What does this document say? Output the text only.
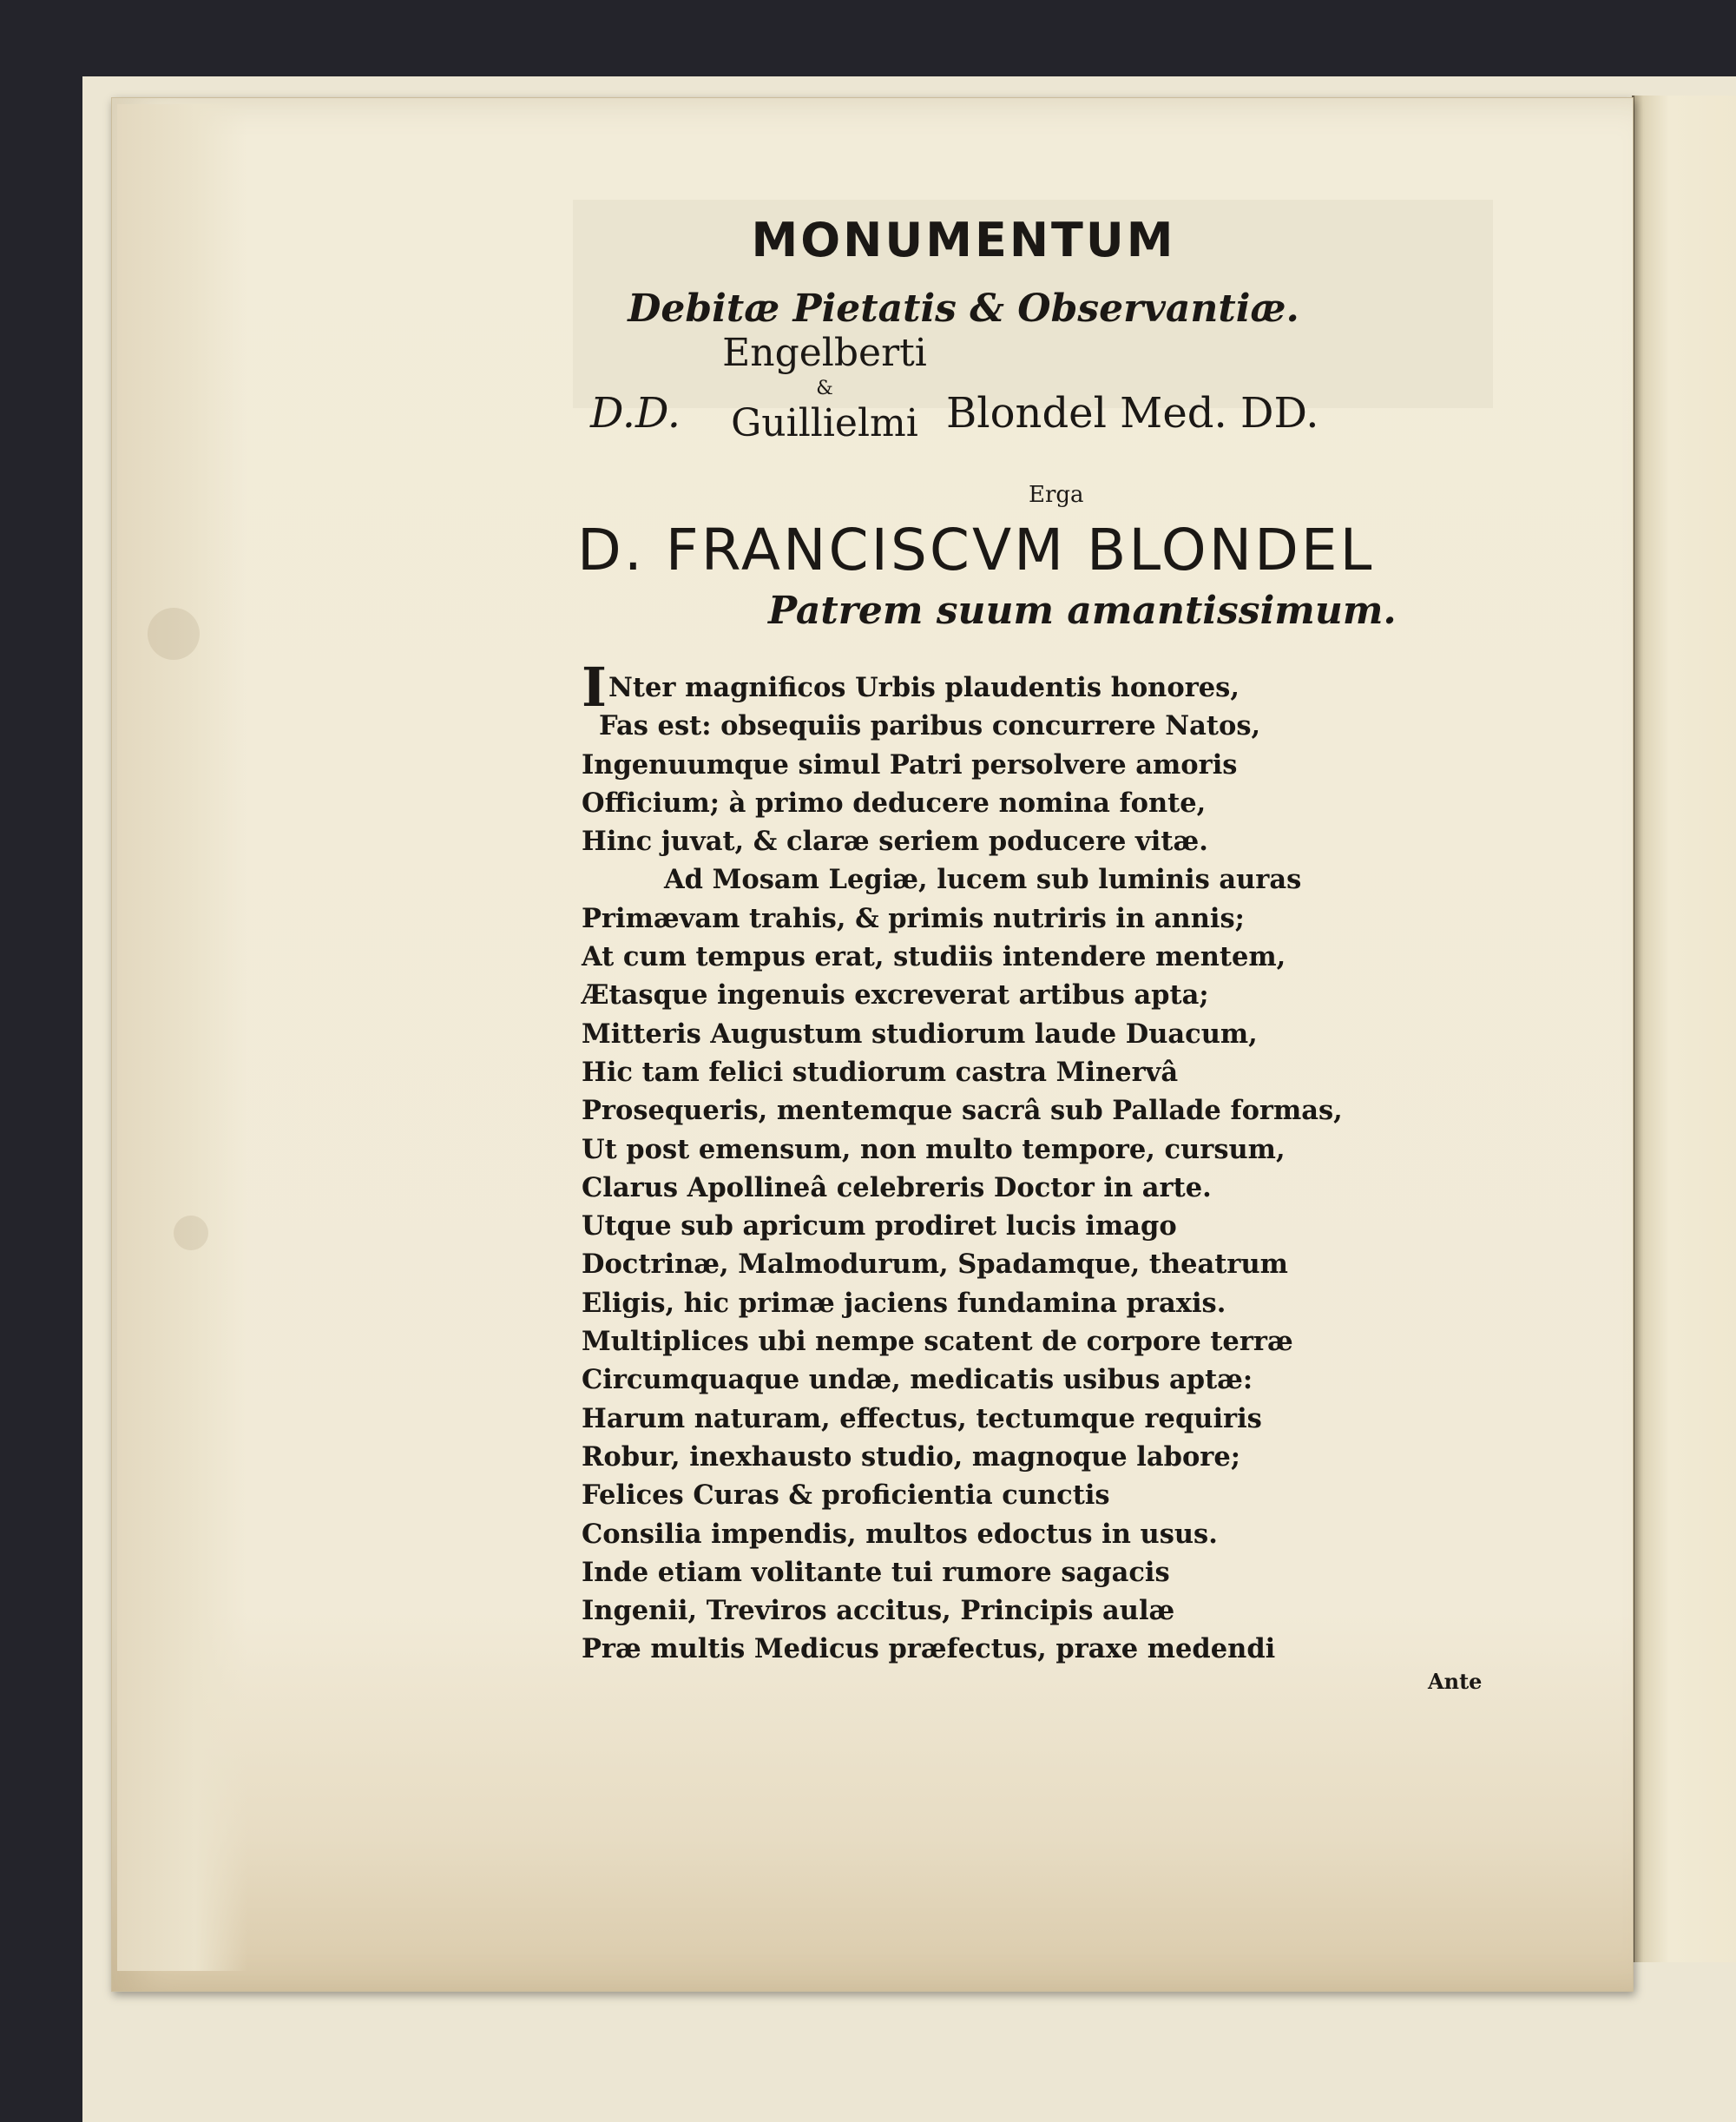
MONUMENTUM
Debitæ Pietatis & Observantiæ.
D.D.
Engelberti
&
Guillielmi Blondel Med. DD.
Erga
D. FRANCISCVM BLONDEL
Patrem suum amantissimum.
I Nter magnificos Urbis plaudentis honores,
Fas est: obsequiis paribus concurrere Natos,
Ingenuumque simul Patri persolvere amoris
Officium; à primo deducere nomina fonte,
Hinc juvat, & claræ seriem poducere vitæ.
Ad Mosam Legiæ, lucem sub luminis auras
Primævam trahis, & primis nutriris in annis;
At cum tempus erat, studiis intendere mentem,
Ætasque ingenuis excreverat artibus apta;
Mitteris Augustum studiorum laude Duacum,
Hic tam felici studiorum castra Minervâ
Prosequeris, mentemque sacrâ sub Pallade formas,
Ut post emensum, non multo tempore, cursum,
Clarus Apollineâ celebreris Doctor in arte.
Utque sub apricum prodiret lucis imago
Doctrinæ, Malmodurum, Spadamque, theatrum
Eligis, hic primæ jaciens fundamina praxis.
Multiplices ubi nempe scatent de corpore terræ
Circumquaque undæ, medicatis usibus aptæ:
Harum naturam, effectus, tectumque requiris
Robur, inexhausto studio, magnoque labore;
Felices Curas & proficientia cunctis
Consilia impendis, multos edoctus in usus.
Inde etiam volitante tui rumore sagacis
Ingenii, Treviros accitus, Principis aulæ
Præ multis Medicus præfectus, praxe medendi
Ante
